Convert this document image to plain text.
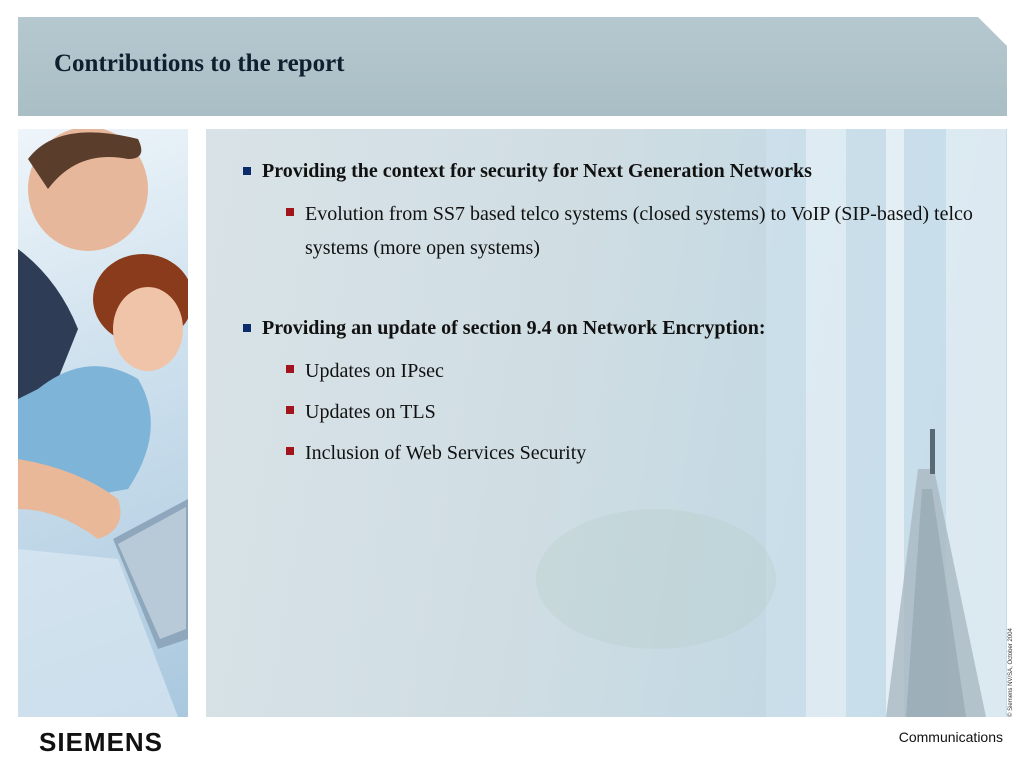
Contributions to the report
Providing the context for security for Next Generation Networks
Evolution from SS7 based telco systems (closed systems) to VoIP (SIP-based) telco systems (more open systems)
Providing an update of section 9.4 on Network Encryption:
Updates on IPsec
Updates on TLS
Inclusion of Web Services Security
© Siemens NV/SA, October 2004
SIEMENS	Communications
